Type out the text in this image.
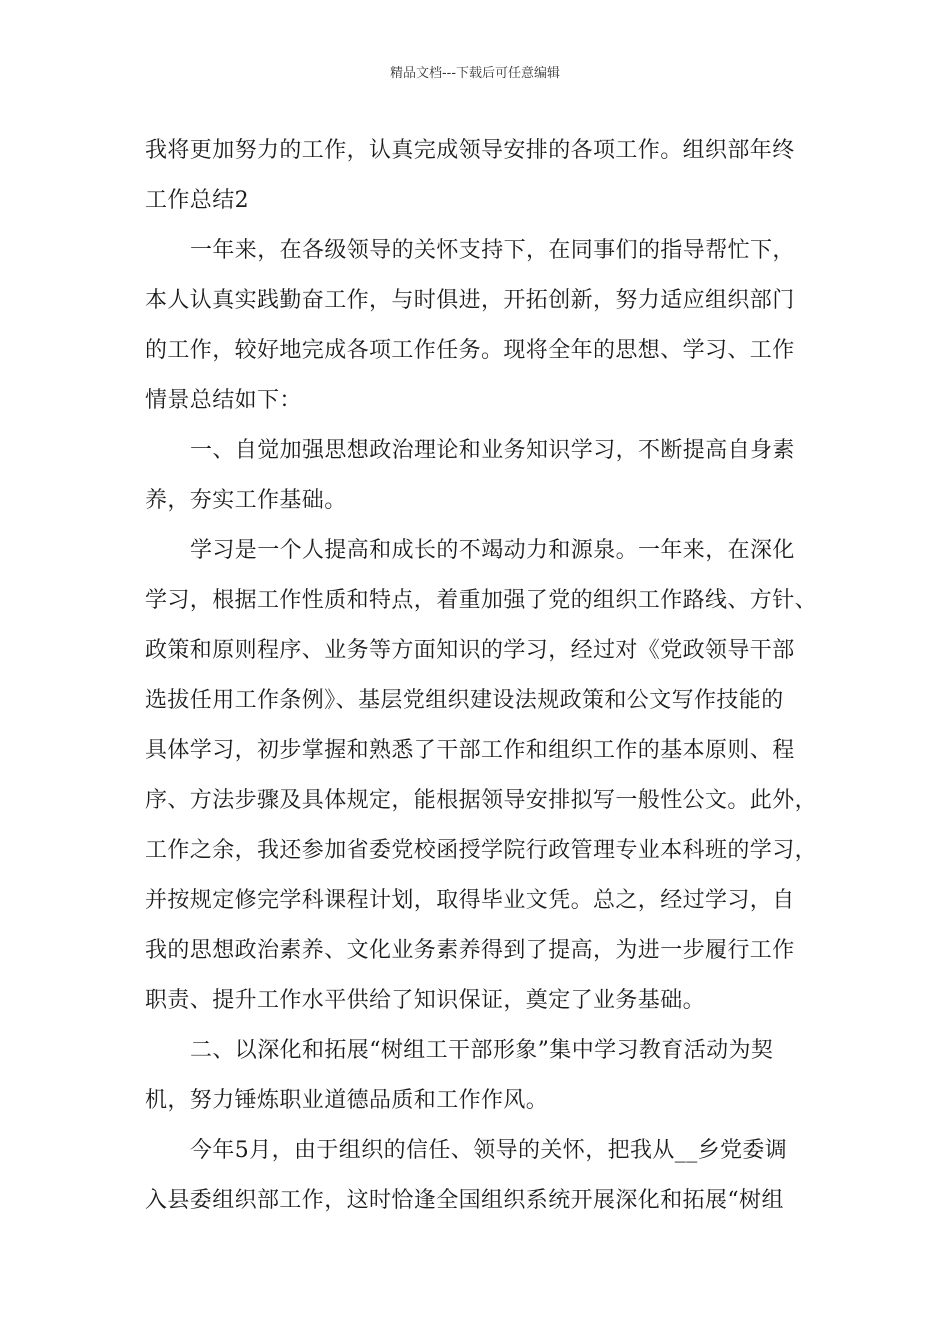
精品文档---下载后可任意编辑
我将更加努力的工作，认真完成领导安排的各项工作。组织部年终
工作总结2
一年来，在各级领导的关怀支持下，在同事们的指导帮忙下，
本人认真实践勤奋工作，与时俱进，开拓创新，努力适应组织部门
的工作，较好地完成各项工作任务。现将全年的思想、学习、工作
情景总结如下：
一、自觉加强思想政治理论和业务知识学习，不断提高自身素
养，夯实工作基础。
学习是一个人提高和成长的不竭动力和源泉。一年来，在深化
学习，根据工作性质和特点，着重加强了党的组织工作路线、方针、
政策和原则程序、业务等方面知识的学习，经过对《党政领导干部
选拔任用工作条例》、基层党组织建设法规政策和公文写作技能的
具体学习，初步掌握和熟悉了干部工作和组织工作的基本原则、程
序、方法步骤及具体规定，能根据领导安排拟写一般性公文。此外，
工作之余，我还参加省委党校函授学院行政管理专业本科班的学习，
并按规定修完学科课程计划，取得毕业文凭。总之，经过学习，自
我的思想政治素养、文化业务素养得到了提高，为进一步履行工作
职责、提升工作水平供给了知识保证，奠定了业务基础。
二、以深化和拓展“树组工干部形象”集中学习教育活动为契
机，努力锤炼职业道德品质和工作作风。
今年5月，由于组织的信任、领导的关怀，把我从__乡党委调
入县委组织部工作，这时恰逢全国组织系统开展深化和拓展“树组
